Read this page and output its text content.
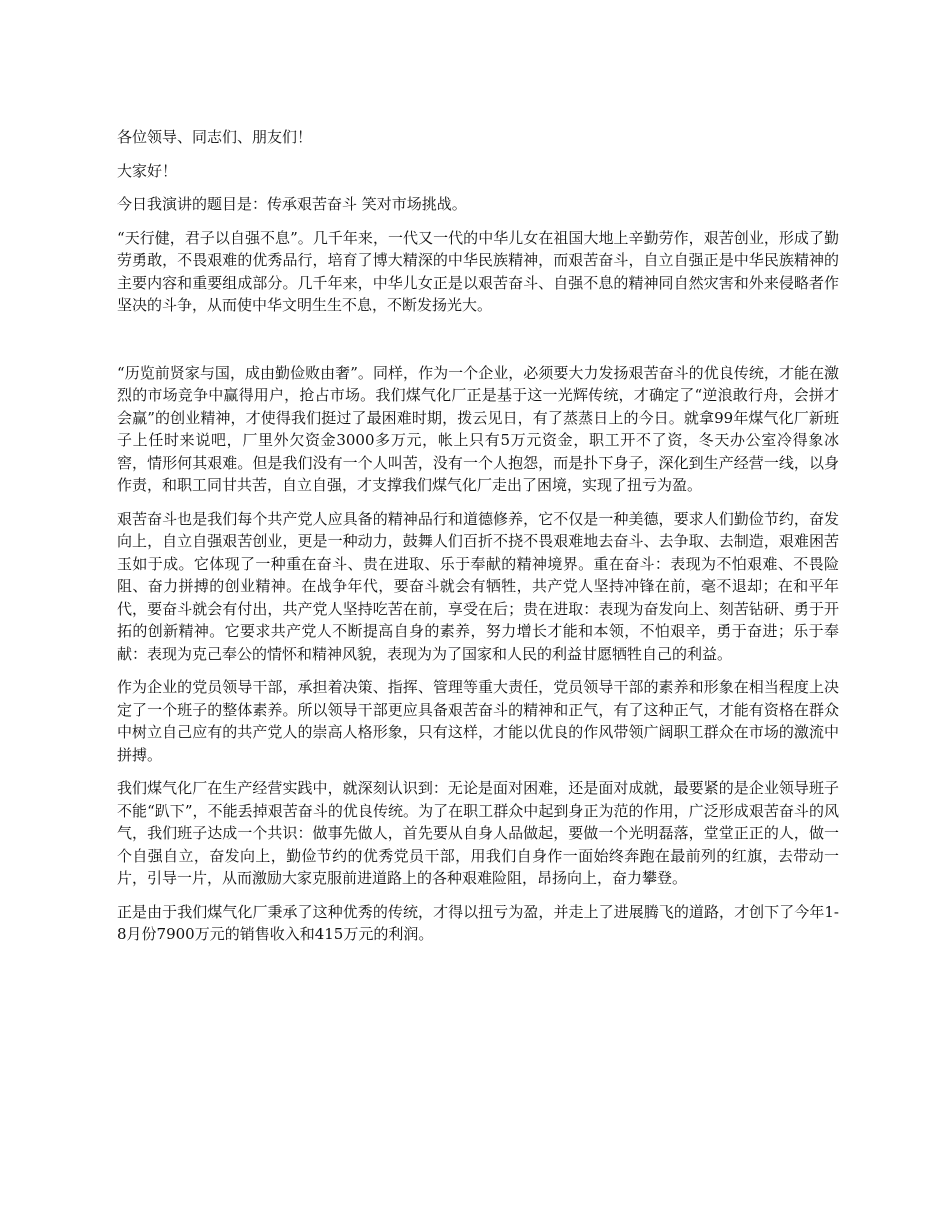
各位领导、同志们、朋友们！

大家好！

今日我演讲的题目是：传承艰苦奋斗 笑对市场挑战。

“天行健，君子以自强不息”。几千年来，一代又一代的中华儿女在祖国大地上辛勤劳作，艰苦创业，形成了勤劳勇敢，不畏艰难的优秀品行，培育了博大精深的中华民族精神，而艰苦奋斗，自立自强正是中华民族精神的主要内容和重要组成部分。几千年来，中华儿女正是以艰苦奋斗、自强不息的精神同自然灾害和外来侵略者作坚决的斗争，从而使中华文明生生不息，不断发扬光大。

“历览前贤家与国，成由勤俭败由奢”。同样，作为一个企业，必须要大力发扬艰苦奋斗的优良传统，才能在激烈的市场竞争中赢得用户，抢占市场。我们煤气化厂正是基于这一光辉传统，才确定了“逆浪敢行舟，会拼才会赢”的创业精神，才使得我们挺过了最困难时期，拨云见日，有了蒸蒸日上的今日。就拿99年煤气化厂新班子上任时来说吧，厂里外欠资金3000多万元，帐上只有5万元资金，职工开不了资，冬天办公室冷得象冰窖，情形何其艰难。但是我们没有一个人叫苦，没有一个人抱怨，而是扑下身子，深化到生产经营一线，以身作责，和职工同甘共苦，自立自强，才支撑我们煤气化厂走出了困境，实现了扭亏为盈。

艰苦奋斗也是我们每个共产党人应具备的精神品行和道德修养，它不仅是一种美德，要求人们勤俭节约，奋发向上，自立自强艰苦创业，更是一种动力，鼓舞人们百折不挠不畏艰难地去奋斗、去争取、去制造，艰难困苦玉如于成。它体现了一种重在奋斗、贵在进取、乐于奉献的精神境界。重在奋斗：表现为不怕艰难、不畏险阻、奋力拼搏的创业精神。在战争年代，要奋斗就会有牺牲，共产党人坚持冲锋在前，毫不退却；在和平年代，要奋斗就会有付出，共产党人坚持吃苦在前，享受在后；贵在进取：表现为奋发向上、刻苦钻研、勇于开拓的创新精神。它要求共产党人不断提高自身的素养，努力增长才能和本领，不怕艰辛，勇于奋进；乐于奉献：表现为克己奉公的情怀和精神风貌，表现为为了国家和人民的利益甘愿牺牲自己的利益。

作为企业的党员领导干部，承担着决策、指挥、管理等重大责任，党员领导干部的素养和形象在相当程度上决定了一个班子的整体素养。所以领导干部更应具备艰苦奋斗的精神和正气，有了这种正气，才能有资格在群众中树立自己应有的共产党人的崇高人格形象，只有这样，才能以优良的作风带领广阔职工群众在市场的激流中拼搏。

我们煤气化厂在生产经营实践中，就深刻认识到：无论是面对困难，还是面对成就，最要紧的是企业领导班子不能“趴下”，不能丢掉艰苦奋斗的优良传统。为了在职工群众中起到身正为范的作用，广泛形成艰苦奋斗的风气，我们班子达成一个共识：做事先做人，首先要从自身人品做起，要做一个光明磊落，堂堂正正的人，做一个自强自立，奋发向上，勤俭节约的优秀党员干部，用我们自身作一面始终奔跑在最前列的红旗，去带动一片，引导一片，从而激励大家克服前进道路上的各种艰难险阻，昂扬向上，奋力攀登。

正是由于我们煤气化厂秉承了这种优秀的传统，才得以扭亏为盈，并走上了进展腾飞的道路，才创下了今年1-8月份7900万元的销售收入和415万元的利润。
